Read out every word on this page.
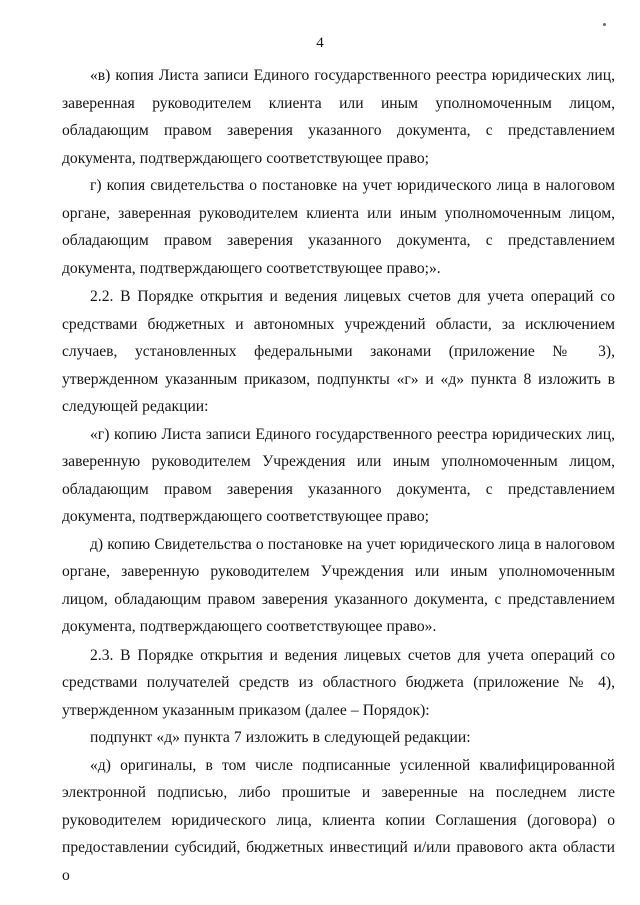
4

«в) копия Листа записи Единого государственного реестра юридических лиц, заверенная руководителем клиента или иным уполномоченным лицом, обладающим правом заверения указанного документа, с представлением документа, подтверждающего соответствующее право;

г) копия свидетельства о постановке на учет юридического лица в налоговом органе, заверенная руководителем клиента или иным уполномоченным лицом, обладающим правом заверения указанного документа, с представлением документа, подтверждающего соответствующее право;».

2.2. В Порядке открытия и ведения лицевых счетов для учета операций со средствами бюджетных и автономных учреждений области, за исключением случаев, установленных федеральными законами (приложение № 3), утвержденном указанным приказом, подпункты «г» и «д» пункта 8 изложить в следующей редакции:

«г) копию Листа записи Единого государственного реестра юридических лиц, заверенную руководителем Учреждения или иным уполномоченным лицом, обладающим правом заверения указанного документа, с представлением документа, подтверждающего соответствующее право;

д) копию Свидетельства о постановке на учет юридического лица в налоговом органе, заверенную руководителем Учреждения или иным уполномоченным лицом, обладающим правом заверения указанного документа, с представлением документа, подтверждающего соответствующее право».

2.3. В Порядке открытия и ведения лицевых счетов для учета операций со средствами получателей средств из областного бюджета (приложение № 4), утвержденном указанным приказом (далее – Порядок):

подпункт «д» пункта 7 изложить в следующей редакции:

«д) оригиналы, в том числе подписанные усиленной квалифицированной электронной подписью, либо прошитые и заверенные на последнем листе руководителем юридического лица, клиента копии Соглашения (договора) о предоставлении субсидий, бюджетных инвестиций и/или правового акта области о
